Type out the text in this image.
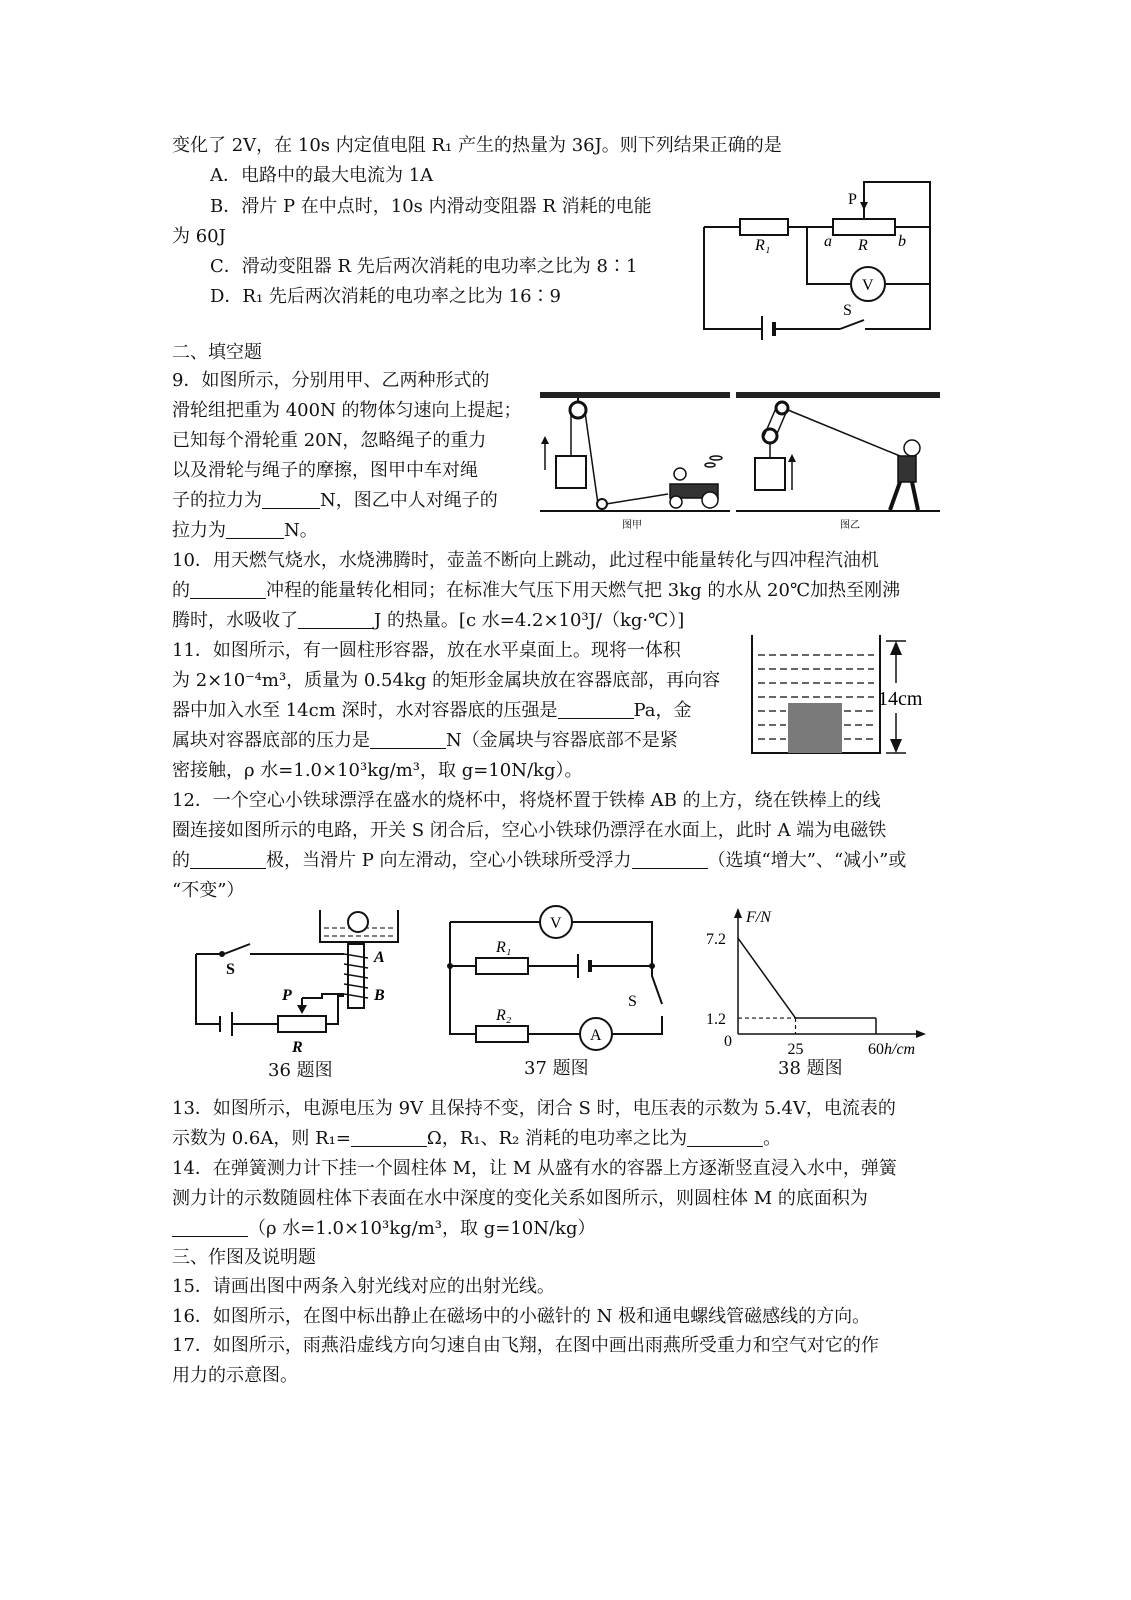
变化了 2V，在 10s 内定值电阻 R₁ 产生的热量为 36J。则下列结果正确的是
A．电路中的最大电流为 1A
B．滑片 P 在中点时，10s 内滑动变阻器 R 消耗的电能
为 60J
C．滑动变阻器 R 先后两次消耗的电功率之比为 8∶1
D．R₁ 先后两次消耗的电功率之比为 16∶9
P
R₁	a R b
V
S
二、填空题
9．如图所示，分别用甲、乙两种形式的
滑轮组把重为 400N 的物体匀速向上提起；
已知每个滑轮重 20N，忽略绳子的重力
以及滑轮与绳子的摩擦，图甲中车对绳
子的拉力为	N，图乙中人对绳子的
拉力为	N。	图甲	图乙
10．用天燃气烧水，水烧沸腾时，壶盖不断向上跳动，此过程中能量转化与四冲程汽油机
的	冲程的能量转化相同；在标准大气压下用天燃气把 3kg 的水从 20℃加热至刚沸
腾时，水吸收了	J 的热量。[c 水=4.2×10³J/（kg·℃）]
11．如图所示，有一圆柱形容器，放在水平桌面上。现将一体积
为 2×10⁻⁴m³，质量为 0.54kg 的矩形金属块放在容器底部，再向容
器中加入水至 14cm 深时，水对容器底的压强是	Pa，金
属块对容器底部的压力是	N（金属块与容器底部不是紧
密接触，ρ 水=1.0×10³kg/m³，取 g=10N/kg）。
14cm
12．一个空心小铁球漂浮在盛水的烧杯中，将烧杯置于铁棒 AB 的上方，绕在铁棒上的线
圈连接如图所示的电路，开关 S 闭合后，空心小铁球仍漂浮在水面上，此时 A 端为电磁铁
的	极，当滑片 P 向左滑动，空心小铁球所受浮力	（选填“增大”、“减小”或
“不变”）
S
A
B
P
R
36 题图
V
R₁
R₂
A
S
37 题图
F/N
h/cm
7.2
1.2
0	25	60
38 题图
13．如图所示，电源电压为 9V 且保持不变，闭合 S 时，电压表的示数为 5.4V，电流表的
示数为 0.6A，则 R₁=	Ω，R₁、R₂ 消耗的电功率之比为	。
14．在弹簧测力计下挂一个圆柱体 M，让 M 从盛有水的容器上方逐渐竖直浸入水中，弹簧
测力计的示数随圆柱体下表面在水中深度的变化关系如图所示，则圆柱体 M 的底面积为
（ρ 水=1.0×10³kg/m³，取 g=10N/kg）
三、作图及说明题
15．请画出图中两条入射光线对应的出射光线。
16．如图所示，在图中标出静止在磁场中的小磁针的 N 极和通电螺线管磁感线的方向。
17．如图所示，雨燕沿虚线方向匀速自由飞翔，在图中画出雨燕所受重力和空气对它的作
用力的示意图。
